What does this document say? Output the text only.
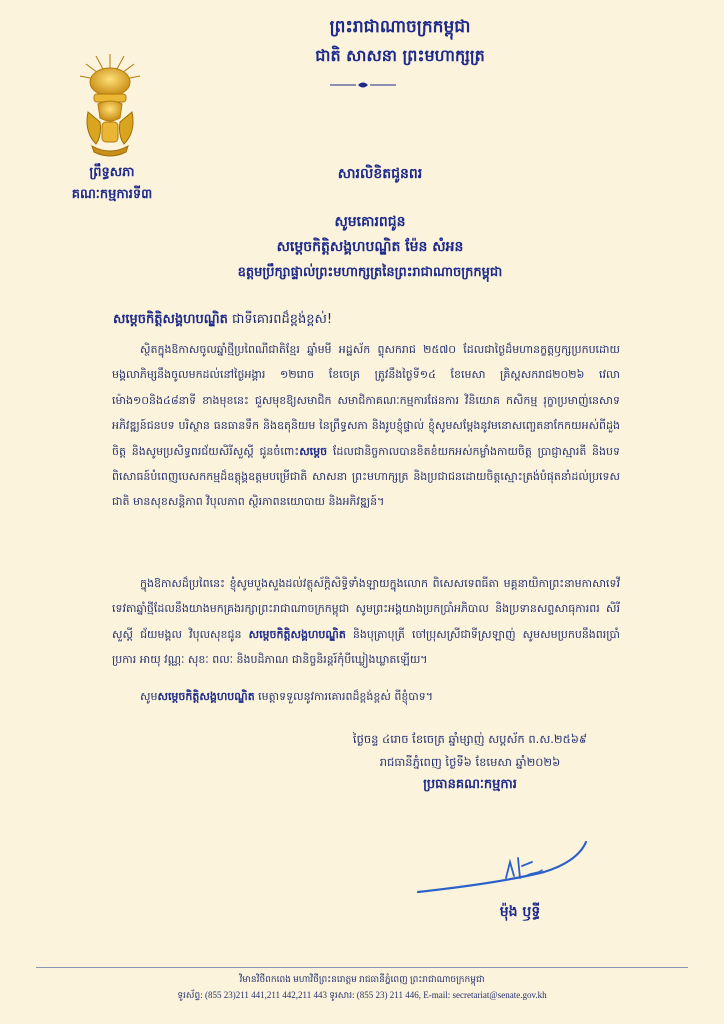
ព្រឹទ្ធសភា
គណៈកម្មការទី៣
ព្រះរាជាណាចក្រកម្ពុជា
ជាតិ សាសនា ព្រះមហាក្សត្រ
សារលិខិតជូនពរ
សូមគោរពជូន
សម្តេចកិត្តិសង្គហបណ្ឌិត ម៉ែន សំអន
ឧត្តមប្រឹក្សាផ្ទាល់ព្រះមហាក្សត្រនៃព្រះរាជាណាចក្រកម្ពុជា
សម្តេចកិត្តិសង្គហបណ្ឌិត ជាទីគោរពដ៏ខ្ពង់ខ្ពស់!
ស្ថិតក្នុងឱកាសចូលឆ្នាំថ្មីប្រពៃណីជាតិខ្មែរ ឆ្នាំមមី អដ្ឋស័ក ព្ទុសករាជ ២៥៧០ ដែលជាថ្ងៃដ៏មហានក្ខត្តឫក្សប្រកបដោយមង្គលាភិម្សនឹងចូលមកដល់នៅថ្ងៃអង្គារ ១២រោច ខែចេត្រ ត្រូវនឹងថ្ងៃទី១៤ ខែមេសា គ្រិស្តសករាជ២០២៦ វេលាម៉ោង១០និង៤៨នាទី ខាងមុខនេះ ជួសមុខឱ្យសមាជិក សមាជិកាគណៈកម្មការផែនការ វិនិយោគ កសិកម្ម រុក្ខាប្រមាញ់នេសាទ អភិវឌ្ឍន៍ជនបទ បរិស្ថាន ធនធានទឹក និងឧតុនិយម នៃព្រឹទ្ធសភា និងរូបខ្ញុំផ្ទាល់ ខ្ញុំសូមសម្តែងនូវមនោសញ្ចេតនាកែកយអស់ពីដួងចិត្ត និងសូមប្រសិទ្ធពរជ័យសិរីសួស្តី ជូនចំពោះសម្តេច ដែលជានិច្ចកាលបានខិតខំយកអស់កម្លាំងកាយចិត្ត ប្រាជ្ញាស្មារតី និងបទពិសោធន៍បំពេញបេសកកម្មដ៏ឧត្តុង្គឧត្តមបម្រើជាតិ សាសនា ព្រះមហាក្សត្រ និងប្រជាជនដោយចិត្តស្មោះត្រង់បំផុតនាំដល់ប្រទេសជាតិ មានសុខសន្តិភាព វិបុលភាព ស្ថិរភាពនយោបាយ និងអភិវឌ្ឍន៍។
ក្នុងឱកាសដ៏ប្រពៃនេះ ខ្ញុំសូមបួងសួងដល់វត្ថុស័ក្តិសិទ្ធិទាំងឡាយក្នុងលោក ពិសេសទេពធីតា មគ្គនាយិកាព្រះនាមកាសាទេវី ទេវតាឆ្នាំថ្មីដែលនឹងយាងមកគ្រងរក្សាព្រះរាជាណាចក្រកម្ពុជា សូមព្រះអង្គយាងប្រកប្រាំអភិបាល និងប្រទានសព្ទសាធុការពរ សិរីសួស្តី ជ័យមង្គល វិបុលសុខជូន សម្តេចកិត្តិសង្គហបណ្ឌិត និងបុត្រាបុត្រី ចៅប្រុសស្រីជាទីស្រឡាញ់ សូមសមប្រកបនឹងពរប្រាំប្រការ អាយុ វណ្ណៈ សុខៈ ពលៈ និងបដិភាណ ជានិច្ចនិរន្តរ៍កុំបីឃ្លៀងឃ្លាតឡើយ។
សូមសម្តេចកិត្តិសង្គហបណ្ឌិត មេត្តាទទួលនូវការគោរពដ៏ខ្ពង់ខ្ពស់ ពីខ្ញុំបាទ។
ថ្ងៃចន្ទ ៤រោច ខែចេត្រ ឆ្នាំម្សាញ់ សប្តស័ក ព.ស.២៥៦៩
រាជធានីភ្នំពេញ ថ្ងៃទី៦ ខែមេសា ឆ្នាំ២០២៦
ប្រធានគណៈកម្មការ
ម៉ុង ឫទ្ធី
វិមានវិថីពកពេង មហាវិថីព្រះនរោត្តម រាជធានីភ្នំពេញ ព្រះរាជាណាចក្រកម្ពុជា
ទូរស័ព្ទ: (855 23)211 441,211 442,211 443 ទូរសារ: (855 23) 211 446, E-mail: secretariat@senate.gov.kh
